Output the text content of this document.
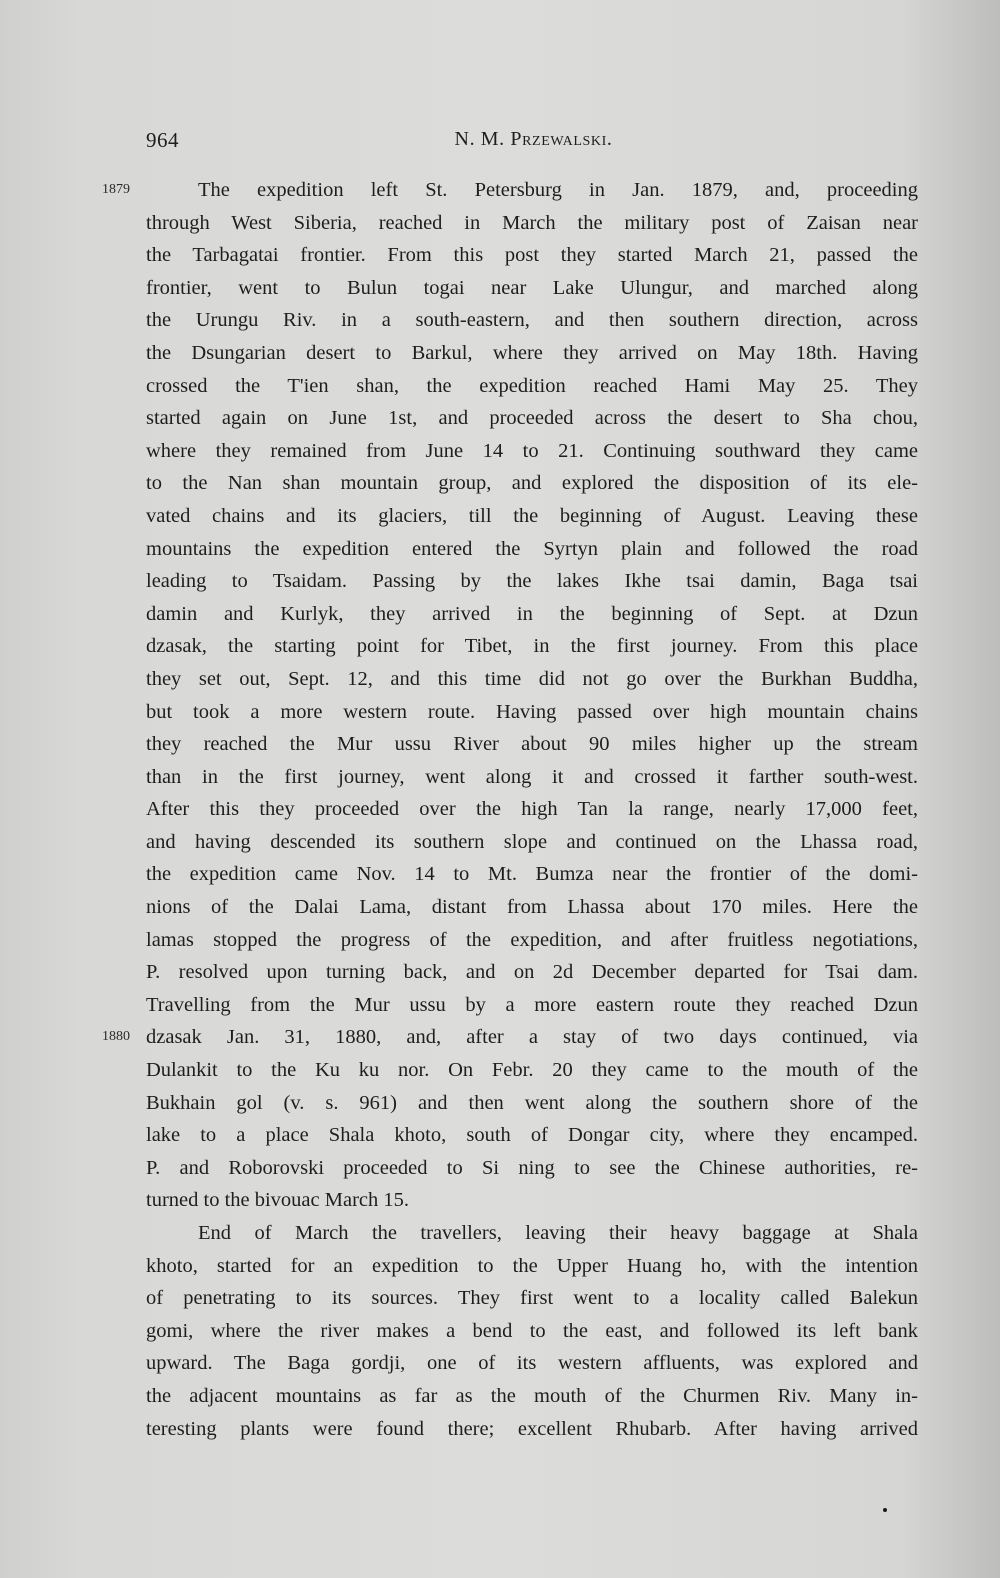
964	N. M. Przewalski.
1879	The expedition left St. Petersburg in Jan. 1879, and, proceeding
through West Siberia, reached in March the military post of Zaisan near
the Tarbagatai frontier. From this post they started March 21, passed the
frontier, went to Bulun togai near Lake Ulungur, and marched along
the Urungu Riv. in a south-eastern, and then southern direction, across
the Dsungarian desert to Barkul, where they arrived on May 18th. Having
crossed the T'ien shan, the expedition reached Hami May 25. They
started again on June 1st, and proceeded across the desert to Sha chou,
where they remained from June 14 to 21. Continuing southward they came
to the Nan shan mountain group, and explored the disposition of its ele-
vated chains and its glaciers, till the beginning of August. Leaving these
mountains the expedition entered the Syrtyn plain and followed the road
leading to Tsaidam. Passing by the lakes Ikhe tsai damin, Baga tsai
damin and Kurlyk, they arrived in the beginning of Sept. at Dzun
dzasak, the starting point for Tibet, in the first journey. From this place
they set out, Sept. 12, and this time did not go over the Burkhan Buddha,
but took a more western route. Having passed over high mountain chains
they reached the Mur ussu River about 90 miles higher up the stream
than in the first journey, went along it and crossed it farther south-west.
After this they proceeded over the high Tan la range, nearly 17,000 feet,
and having descended its southern slope and continued on the Lhassa road,
the expedition came Nov. 14 to Mt. Bumza near the frontier of the domi-
nions of the Dalai Lama, distant from Lhassa about 170 miles. Here the
lamas stopped the progress of the expedition, and after fruitless negotiations,
P. resolved upon turning back, and on 2d December departed for Tsai dam.
Travelling from the Mur ussu by a more eastern route they reached Dzun
1880 dzasak Jan. 31, 1880, and, after a stay of two days continued, via
Dulankit to the Ku ku nor. On Febr. 20 they came to the mouth of the
Bukhain gol (v. s. 961) and then went along the southern shore of the
lake to a place Shala khoto, south of Dongar city, where they encamped.
P. and Roborovski proceeded to Si ning to see the Chinese authorities, re-
turned to the bivouac March 15.
End of March the travellers, leaving their heavy baggage at Shala
khoto, started for an expedition to the Upper Huang ho, with the intention
of penetrating to its sources. They first went to a locality called Balekun
gomi, where the river makes a bend to the east, and followed its left bank
upward. The Baga gordji, one of its western affluents, was explored and
the adjacent mountains as far as the mouth of the Churmen Riv. Many in-
teresting plants were found there; excellent Rhubarb. After having arrived
